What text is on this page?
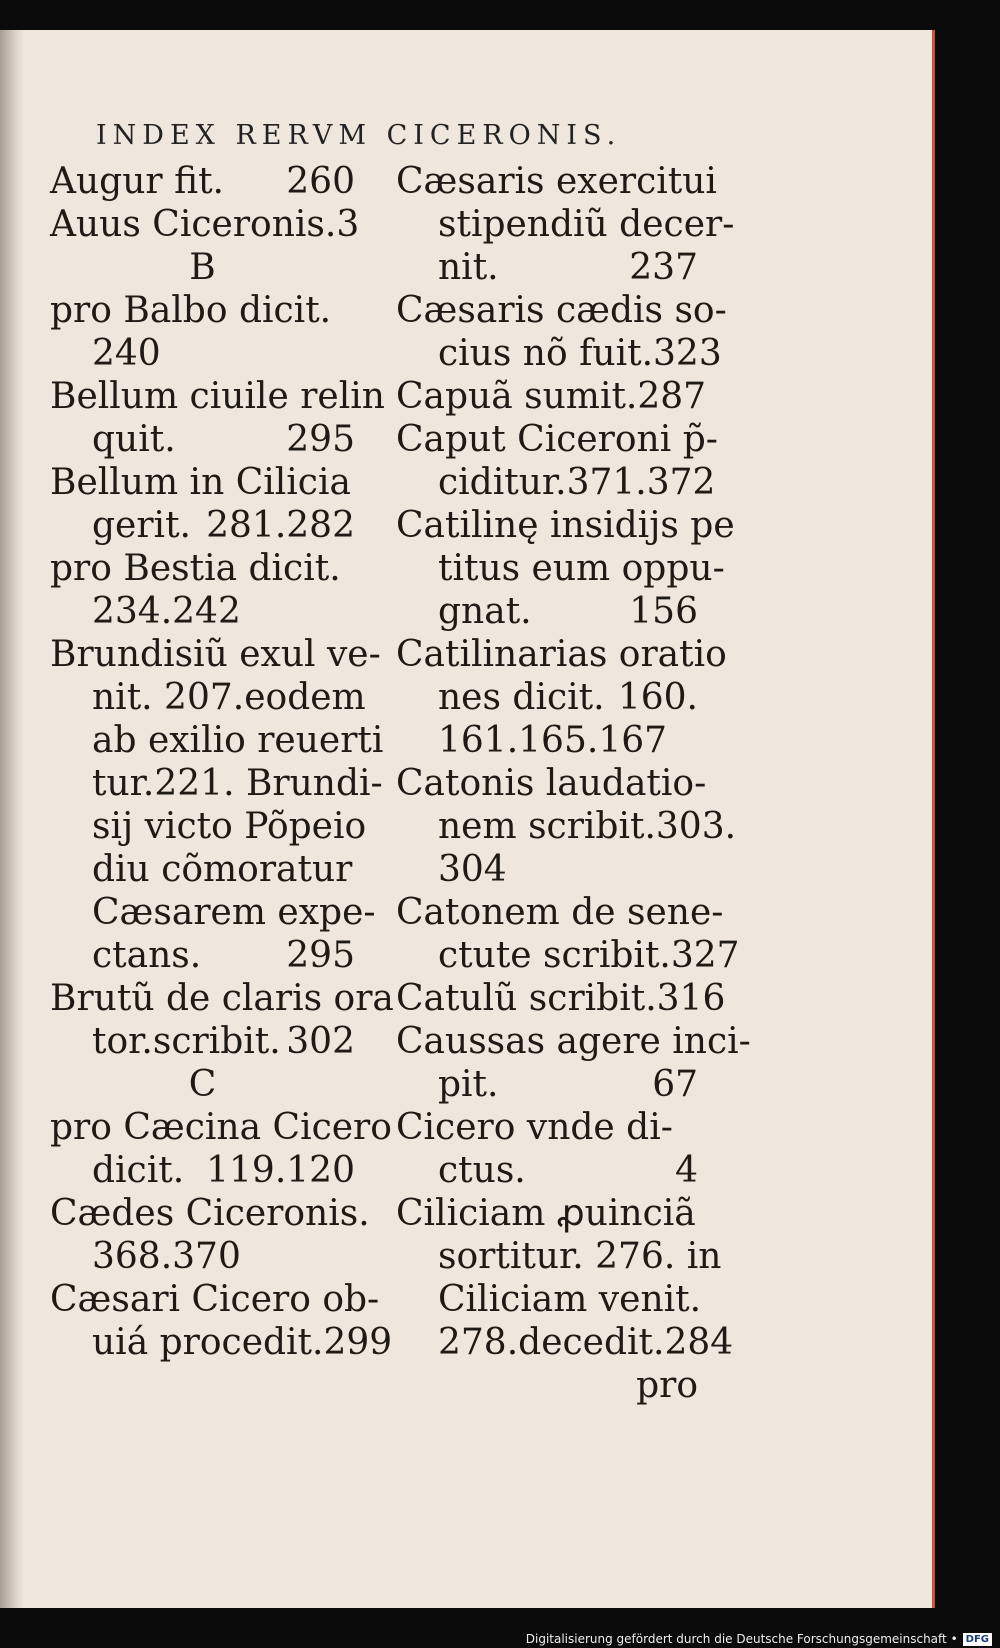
INDEX RERVM CICERONIS.
Augur fit. 260
Auus Ciceronis. 3
B
pro Balbo dicit.
240
Bellum ciuile relin
quit.	295
Bellum in Cilicia
gerit. 281.282
pro Bestia dicit.
234.242
Brundisiũ exul ve-
nit. 207.eodem
ab exilio reuerti
tur.221. Brundi-
sij victo Põpeio
diu cõmoratur
Cæsarem expe-
ctans. 295
Brutũ de claris ora
tor.scribit. 302
C
pro Cæcina Cicero
dicit. 119.120
Cædes Ciceronis.
368.370
Cæsari Cicero ob-
uiá procedit.299
Cæsaris exercitui
stipendiũ decer-
nit.	237
Cæsaris cædis so-
cius nõ fuit. 323
Capuã sumit. 287
Caput Ciceroni p̃-
ciditur. 371.372
Catilinę insidijs pe
titus eum oppu-
gnat.	156
Catilinarias oratio
nes dicit. 160.
161.165.167
Catonis laudatio-
nem scribit.303.
304
Catonem de sene-
ctute scribit.327
Catulũ scribit. 316
Caussas agere inci-
pit.	67
Cicero vnde di-
ctus.	4
Ciliciam ꝓuinciã
sortitur. 276. in
Ciliciam venit.
278.decedit.284
pro
Digitalisierung gefördert durch die Deutsche Forschungsgemeinschaft • DFG
